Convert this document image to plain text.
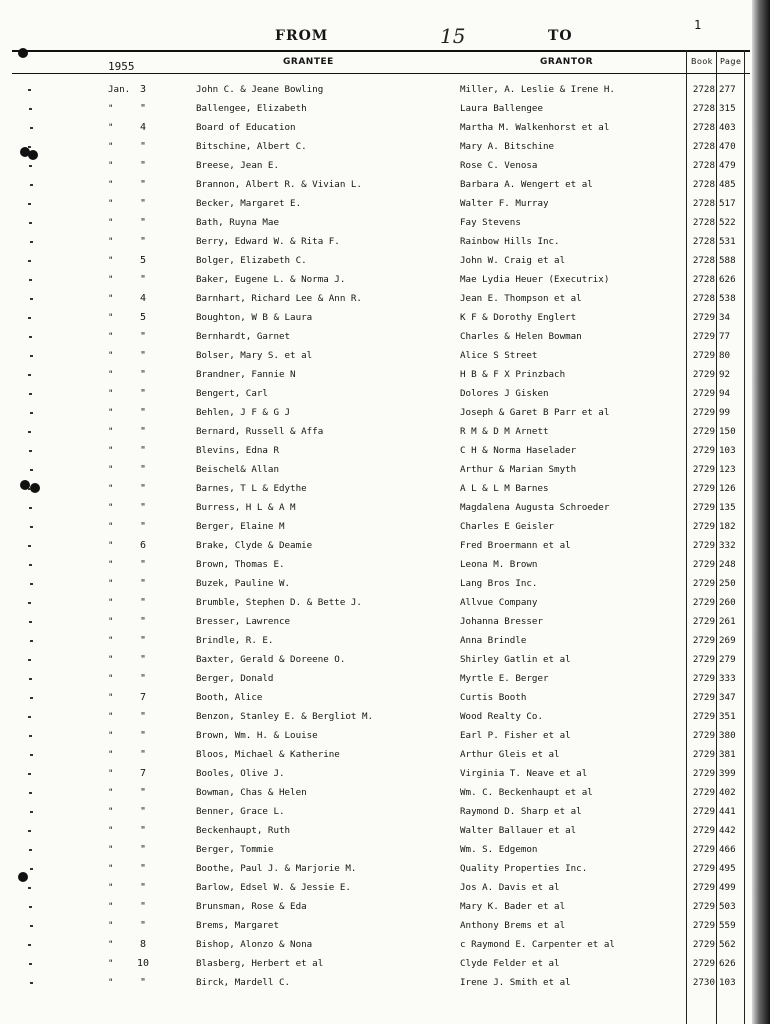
FROM	15	TO
1
1955	GRANTEE	GRANTOR	Book Page
Jan. 3	John C. & Jeane Bowling	Miller, A. Leslie & Irene H.	2728 277
"	"	Ballengee, Elizabeth	Laura Ballengee	2728 315
"	4	Board of Education	Martha M. Walkenhorst et al	2728 403
"	"	Bitschine, Albert C.	Mary A. Bitschine	2728 470
"	"	Breese, Jean E.	Rose C. Venosa	2728 479
"	"	Brannon, Albert R. & Vivian L.	Barbara A. Wengert et al	2728 485
"	"	Becker, Margaret E.	Walter F. Murray	2728 517
"	"	Bath, Ruyna Mae	Fay Stevens	2728 522
"	"	Berry, Edward W. & Rita F.	Rainbow Hills Inc.	2728 531
"	5	Bolger, Elizabeth C.	John W. Craig et al	2728 588
"	"	Baker, Eugene L. & Norma J.	Mae Lydia Heuer (Executrix)	2728 626
"	4	Barnhart, Richard Lee & Ann R.	Jean E. Thompson et al	2728 538
"	5	Boughton, W B & Laura	K F & Dorothy Englert	2729 34
"	"	Bernhardt, Garnet	Charles & Helen Bowman	2729 77
"	"	Bolser, Mary S. et al	Alice S Street	2729 80
"	"	Brandner, Fannie N	H B & F X Prinzbach	2729 92
"	"	Bengert, Carl	Dolores J Gisken	2729 94
"	"	Behlen, J F & G J	Joseph & Garet B Parr et al	2729 99
"	"	Bernard, Russell & Affa	R M & D M Arnett	2729 150
"	"	Blevins, Edna R	C H & Norma Haselader	2729 103
"	"	Beischel& Allan	Arthur & Marian Smyth	2729 123
"	"	Barnes, T L & Edythe	A L & L M Barnes	2729 126
"	"	Burress, H L & A M	Magdalena Augusta Schroeder	2729 135
"	"	Berger, Elaine M	Charles E Geisler	2729 182
"	6	Brake, Clyde & Deamie	Fred Broermann et al	2729 332
"	"	Brown, Thomas E.	Leona M. Brown	2729 248
"	"	Buzek, Pauline W.	Lang Bros Inc.	2729 250
"	"	Brumble, Stephen D. & Bette J.	Allvue Company	2729 260
"	"	Bresser, Lawrence	Johanna Bresser	2729 261
"	"	Brindle, R. E.	Anna Brindle	2729 269
"	"	Baxter, Gerald & Doreene O.	Shirley Gatlin et al	2729 279
"	"	Berger, Donald	Myrtle E. Berger	2729 333
"	7	Booth, Alice	Curtis Booth	2729 347
"	"	Benzon, Stanley E. & Bergliot M.	Wood Realty Co.	2729 351
"	"	Brown, Wm. H. & Louise	Earl P. Fisher et al	2729 380
"	"	Bloos, Michael & Katherine	Arthur Gleis et al	2729 381
"	7	Booles, Olive J.	Virginia T. Neave et al	2729 399
"	"	Bowman, Chas & Helen	Wm. C. Beckenhaupt et al	2729 402
"	"	Benner, Grace L.	Raymond D. Sharp et al	2729 441
"	"	Beckenhaupt, Ruth	Walter Ballauer et al	2729 442
"	"	Berger, Tommie	Wm. S. Edgemon	2729 466
"	"	Boothe, Paul J. & Marjorie M.	Quality Properties Inc.	2729 495
"	"	Barlow, Edsel W. & Jessie E.	Jos A. Davis et al	2729 499
"	"	Brunsman, Rose & Eda	Mary K. Bader et al	2729 503
"	"	Brems, Margaret	Anthony Brems et al	2729 559
"	8	Bishop, Alonzo & Nona	c Raymond E. Carpenter et al	2729 562
"	10	Blasberg, Herbert et al	Clyde Felder et al	2729 626
"	"	Birck, Mardell C.	Irene J. Smith et al	2730 103
